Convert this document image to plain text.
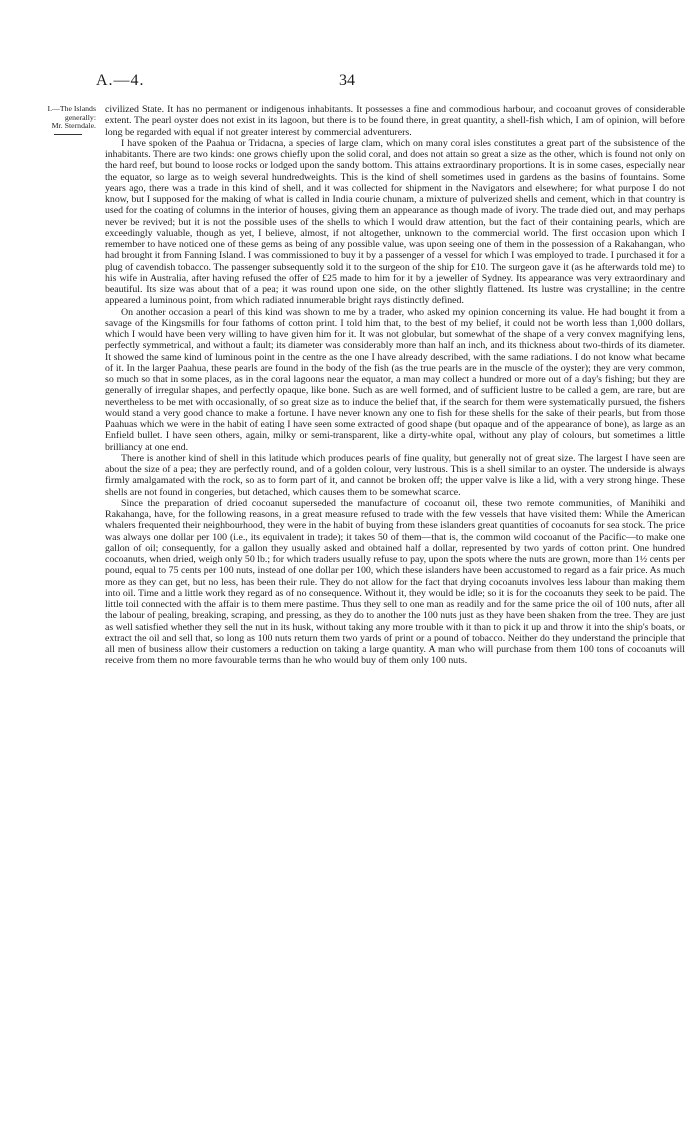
A.—4.	34
I.—The Islands
generally:
Mr. Sterndale.

civilized State. It has no permanent or indigenous inhabitants. It possesses a fine and commodious harbour, and cocoanut groves of considerable extent. The pearl oyster does not exist in its lagoon, but there is to be found there, in great quantity, a shell-fish which, I am of opinion, will before long be regarded with equal if not greater interest by commercial adventurers.

I have spoken of the Paahua or Tridacna, a species of large clam, which on many coral isles constitutes a great part of the subsistence of the inhabitants. There are two kinds: one grows chiefly upon the solid coral, and does not attain so great a size as the other, which is found not only on the hard reef, but bound to loose rocks or lodged upon the sandy bottom. This attains extraordinary proportions. It is in some cases, especially near the equator, so large as to weigh several hundredweights. This is the kind of shell sometimes used in gardens as the basins of fountains. Some years ago, there was a trade in this kind of shell, and it was collected for shipment in the Navigators and elsewhere; for what purpose I do not know, but I supposed for the making of what is called in India courie chunam, a mixture of pulverized shells and cement, which in that country is used for the coating of columns in the interior of houses, giving them an appearance as though made of ivory. The trade died out, and may perhaps never be revived; but it is not the possible uses of the shells to which I would draw attention, but the fact of their containing pearls, which are exceedingly valuable, though as yet, I believe, almost, if not altogether, unknown to the commercial world. The first occasion upon which I remember to have noticed one of these gems as being of any possible value, was upon seeing one of them in the possession of a Rakahangan, who had brought it from Fanning Island. I was commissioned to buy it by a passenger of a vessel for which I was employed to trade. I purchased it for a plug of cavendish tobacco. The passenger subsequently sold it to the surgeon of the ship for £10. The surgeon gave it (as he afterwards told me) to his wife in Australia, after having refused the offer of £25 made to him for it by a jeweller of Sydney. Its appearance was very extraordinary and beautiful. Its size was about that of a pea; it was round upon one side, on the other slightly flattened. Its lustre was crystalline; in the centre appeared a luminous point, from which radiated innumerable bright rays distinctly defined.

On another occasion a pearl of this kind was shown to me by a trader, who asked my opinion concerning its value. He had bought it from a savage of the Kingsmills for four fathoms of cotton print. I told him that, to the best of my belief, it could not be worth less than 1,000 dollars, which I would have been very willing to have given him for it. It was not globular, but somewhat of the shape of a very convex magnifying lens, perfectly symmetrical, and without a fault; its diameter was considerably more than half an inch, and its thickness about two-thirds of its diameter. It showed the same kind of luminous point in the centre as the one I have already described, with the same radiations. I do not know what became of it. In the larger Paahua, these pearls are found in the body of the fish (as the true pearls are in the muscle of the oyster); they are very common, so much so that in some places, as in the coral lagoons near the equator, a man may collect a hundred or more out of a day's fishing; but they are generally of irregular shapes, and perfectly opaque, like bone. Such as are well formed, and of sufficient lustre to be called a gem, are rare, but are nevertheless to be met with occasionally, of so great size as to induce the belief that, if the search for them were systematically pursued, the fishers would stand a very good chance to make a fortune. I have never known any one to fish for these shells for the sake of their pearls, but from those Paahuas which we were in the habit of eating I have seen some extracted of good shape (but opaque and of the appearance of bone), as large as an Enfield bullet. I have seen others, again, milky or semi-transparent, like a dirty-white opal, without any play of colours, but sometimes a little brilliancy at one end.

There is another kind of shell in this latitude which produces pearls of fine quality, but generally not of great size. The largest I have seen are about the size of a pea; they are perfectly round, and of a golden colour, very lustrous. This is a shell similar to an oyster. The underside is always firmly amalgamated with the rock, so as to form part of it, and cannot be broken off; the upper valve is like a lid, with a very strong hinge. These shells are not found in congeries, but detached, which causes them to be somewhat scarce.

Since the preparation of dried cocoanut superseded the manufacture of cocoanut oil, these two remote communities, of Manihiki and Rakahanga, have, for the following reasons, in a great measure refused to trade with the few vessels that have visited them: While the American whalers frequented their neighbourhood, they were in the habit of buying from these islanders great quantities of cocoanuts for sea stock. The price was always one dollar per 100 (i.e., its equivalent in trade); it takes 50 of them—that is, the common wild cocoanut of the Pacific—to make one gallon of oil; consequently, for a gallon they usually asked and obtained half a dollar, represented by two yards of cotton print. One hundred cocoanuts, when dried, weigh only 50 lb.; for which traders usually refuse to pay, upon the spots where the nuts are grown, more than 1½ cents per pound, equal to 75 cents per 100 nuts, instead of one dollar per 100, which these islanders have been accustomed to regard as a fair price. As much more as they can get, but no less, has been their rule. They do not allow for the fact that drying cocoanuts involves less labour than making them into oil. Time and a little work they regard as of no consequence. Without it, they would be idle; so it is for the cocoanuts they seek to be paid. The little toil connected with the affair is to them mere pastime. Thus they sell to one man as readily and for the same price the oil of 100 nuts, after all the labour of pealing, breaking, scraping, and pressing, as they do to another the 100 nuts just as they have been shaken from the tree. They are just as well satisfied whether they sell the nut in its husk, without taking any more trouble with it than to pick it up and throw it into the ship's boats, or extract the oil and sell that, so long as 100 nuts return them two yards of print or a pound of tobacco. Neither do they understand the principle that all men of business allow their customers a reduction on taking a large quantity. A man who will purchase from them 100 tons of cocoanuts will receive from them no more favourable terms than he who would buy of them only 100 nuts.
